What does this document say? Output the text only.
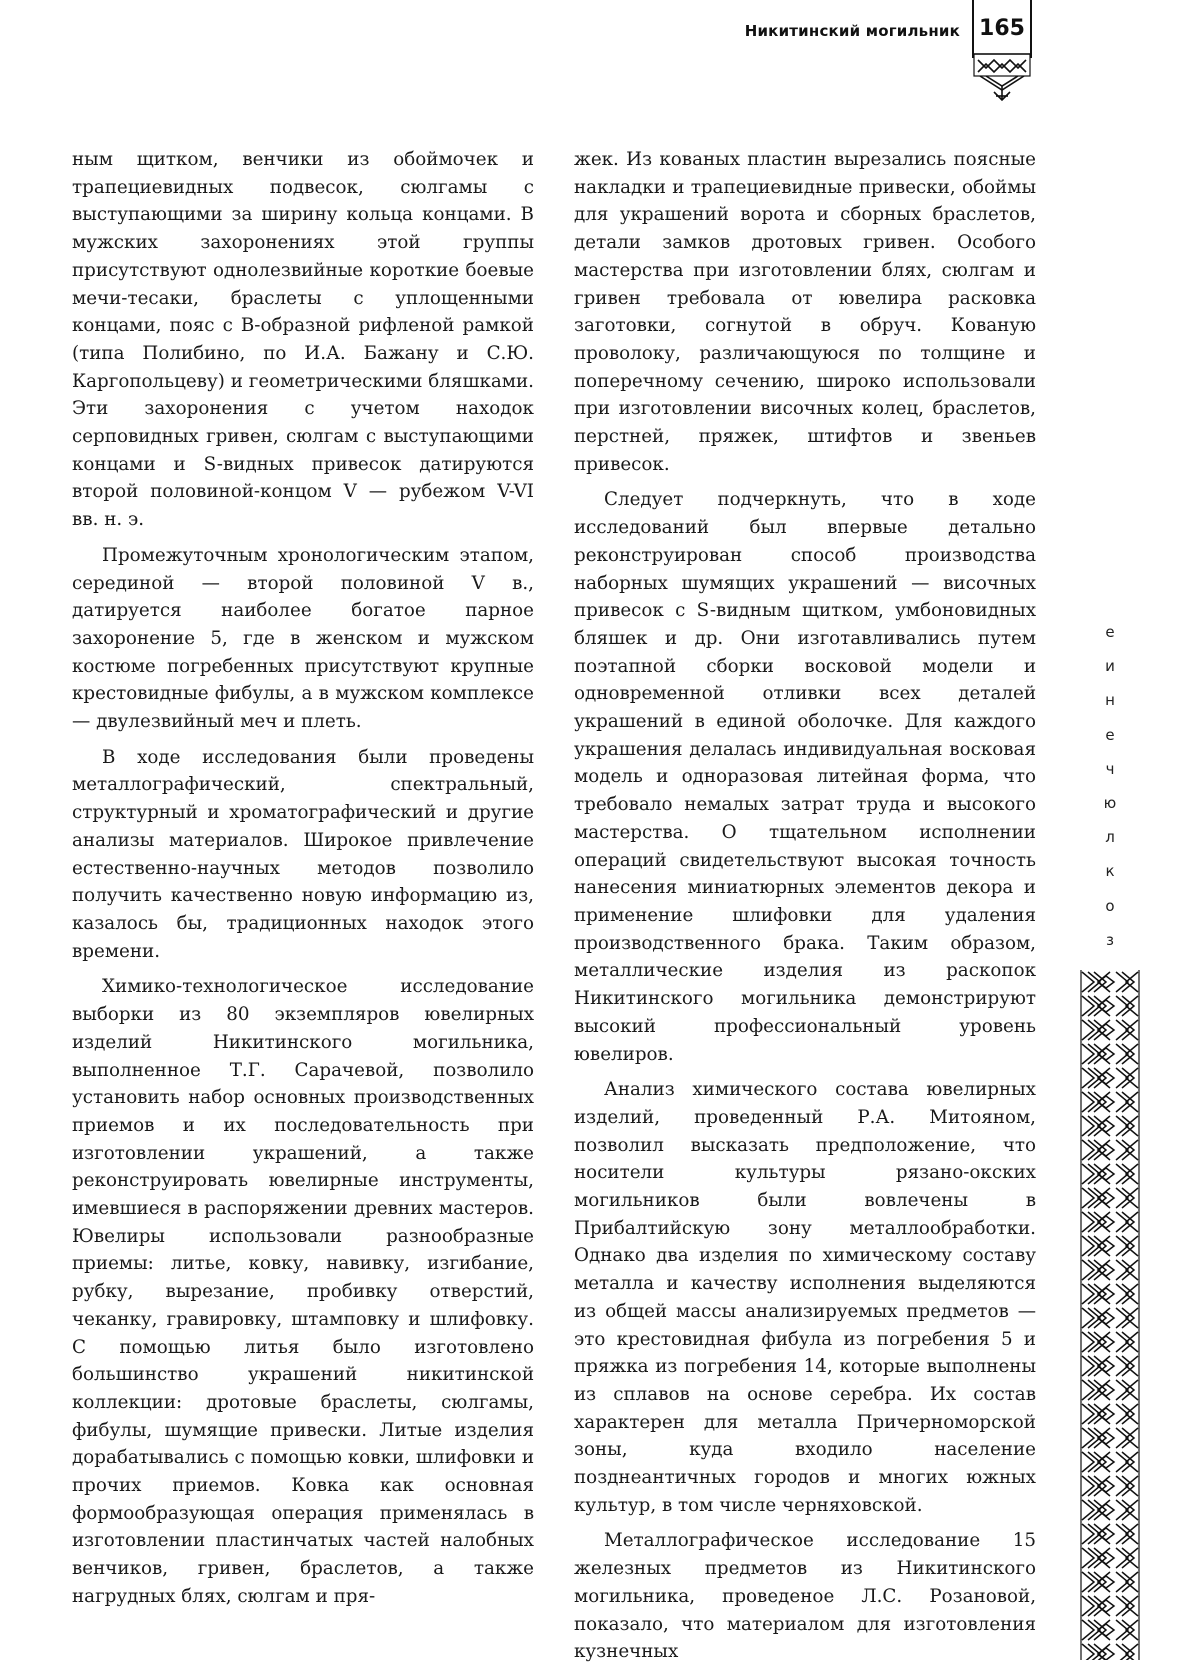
Никитинский могильник 165

ным щитком, венчики из обоймочек и трапециевидных подвесок, сюлгамы с выступающими за ширину кольца концами. В мужских захоронениях этой группы присутствуют однолезвийные короткие боевые мечи-тесаки, браслеты с уплощенными концами, пояс с В-образной рифленой рамкой (типа Полибино, по И.А. Бажану и С.Ю. Каргопольцеву) и геометрическими бляшками. Эти захоронения с учетом находок серповидных гривен, сюлгам с выступающими концами и S-видных привесок датируются второй половиной-концом V — рубежом V-VI вв. н. э.

Промежуточным хронологическим этапом, серединой — второй половиной V в., датируется наиболее богатое парное захоронение 5, где в женском и мужском костюме погребенных присутствуют крупные крестовидные фибулы, а в мужском комплексе — двулезвийный меч и плеть.

В ходе исследования были проведены металлографический, спектральный, структурный и хроматографический и другие анализы материалов. Широкое привлечение естественно-научных методов позволило получить качественно новую информацию из, казалось бы, традиционных находок этого времени.

Химико-технологическое исследование выборки из 80 экземпляров ювелирных изделий Никитинского могильника, выполненное Т.Г. Сарачевой, позволило установить набор основных производственных приемов и их последовательность при изготовлении украшений, а также реконструировать ювелирные инструменты, имевшиеся в распоряжении древних мастеров. Ювелиры использовали разнообразные приемы: литье, ковку, навивку, изгибание, рубку, вырезание, пробивку отверстий, чеканку, гравировку, штамповку и шлифовку. С помощью литья было изготовлено большинство украшений никитинской коллекции: дротовые браслеты, сюлгамы, фибулы, шумящие привески. Литые изделия дорабатывались с помощью ковки, шлифовки и прочих приемов. Ковка как основная формообразующая операция применялась в изготовлении пластинчатых частей налобных венчиков, гривен, браслетов, а также нагрудных блях, сюлгам и пря-

жек. Из кованых пластин вырезались поясные накладки и трапециевидные привески, обоймы для украшений ворота и сборных браслетов, детали замков дротовых гривен. Особого мастерства при изготовлении блях, сюлгам и гривен требовала от ювелира расковка заготовки, согнутой в обруч. Кованую проволоку, различающуюся по толщине и поперечному сечению, широко использовали при изготовлении височных колец, браслетов, перстней, пряжек, штифтов и звеньев привесок.

Следует подчеркнуть, что в ходе исследований был впервые детально реконструирован способ производства наборных шумящих украшений — височных привесок с S-видным щитком, умбоновидных бляшек и др. Они изготавливались путем поэтапной сборки восковой модели и одновременной отливки всех деталей украшений в единой оболочке. Для каждого украшения делалась индивидуальная восковая модель и одноразовая литейная форма, что требовало немалых затрат труда и высокого мастерства. О тщательном исполнении операций свидетельствуют высокая точность нанесения миниатюрных элементов декора и применение шлифовки для удаления производственного брака. Таким образом, металлические изделия из раскопок Никитинского могильника демонстрируют высокий профессиональный уровень ювелиров.

Анализ химического состава ювелирных изделий, проведенный Р.А. Митояном, позволил высказать предположение, что носители культуры рязано-окских могильников были вовлечены в Прибалтийскую зону металлообработки. Однако два изделия по химическому составу металла и качеству исполнения выделяются из общей массы анализируемых предметов — это крестовидная фибула из погребения 5 и пряжка из погребения 14, которые выполнены из сплавов на основе серебра. Их состав характерен для металла Причерноморской зоны, куда входило население позднеантичных городов и многих южных культур, в том числе черняховской.

Металлографическое исследование 15 железных предметов из Никитинского могильника, проведеное Л.С. Розановой, показало, что материалом для изготовления кузнечных

е
и
н
е
ч
ю
л
к
о
з
